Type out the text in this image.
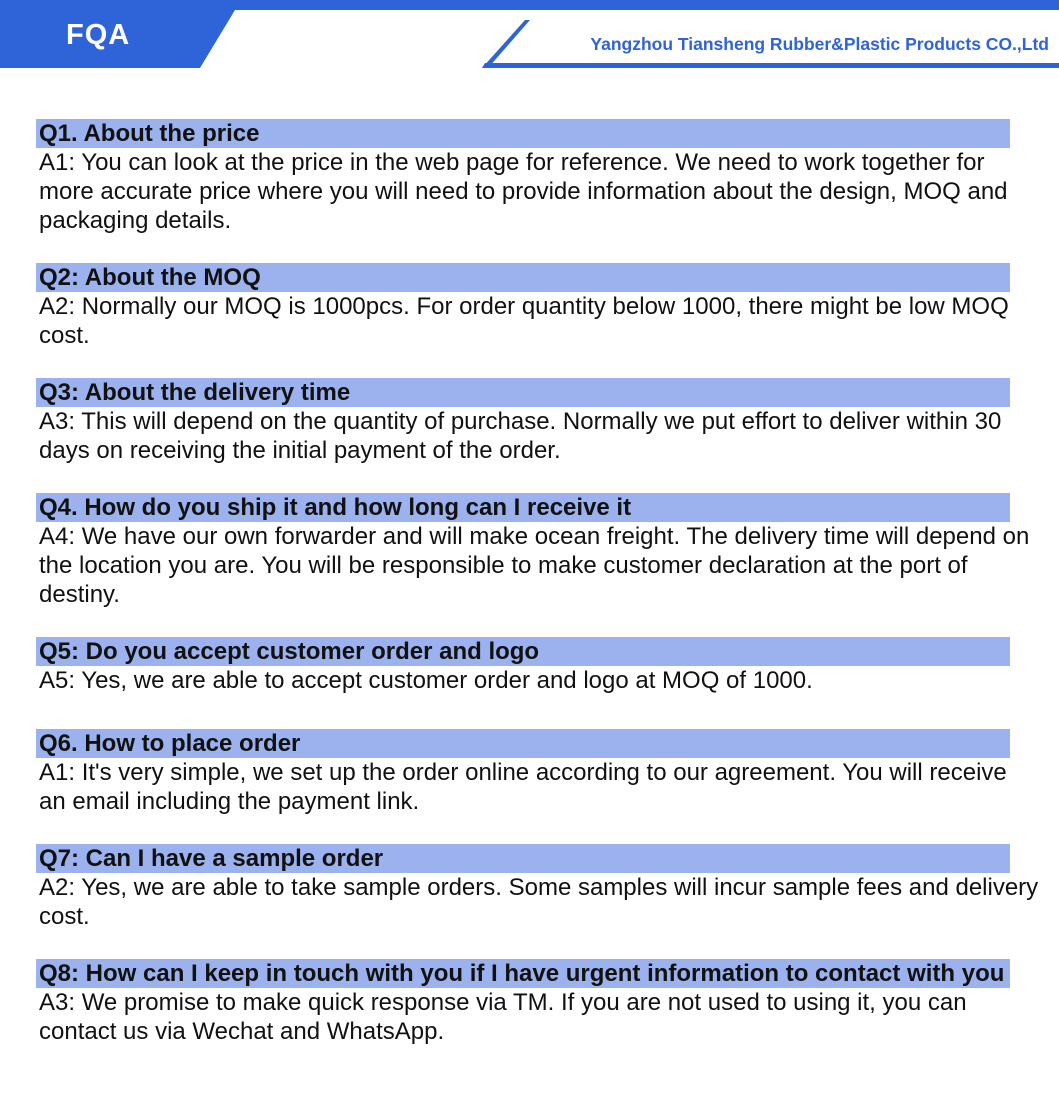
FQA	Yangzhou Tiansheng Rubber&Plastic Products CO.,Ltd
Q1. About the price
A1: You can look at the price in the web page for reference. We need to work together for more accurate price where you will need to provide information about the design, MOQ and packaging details.
Q2: About the MOQ
A2: Normally our MOQ is 1000pcs. For order quantity below 1000, there might be low MOQ cost.
Q3: About the delivery time
A3: This will depend on the quantity of purchase. Normally we put effort to deliver within 30 days on receiving the initial payment of the order.
Q4. How do you ship it and how long can I receive it
A4: We have our own forwarder and will make ocean freight. The delivery time will depend on the location you are. You will be responsible to make customer declaration at the port of destiny.
Q5: Do you accept customer order and logo
A5: Yes, we are able to accept customer order and logo at MOQ of 1000.
Q6. How to place order
A1: It's very simple, we set up the order online according to our agreement. You will receive an email including the payment link.
Q7: Can I have a sample order
A2: Yes, we are able to take sample orders. Some samples will incur sample fees and delivery cost.
Q8: How can I keep in touch with you if I have urgent information to contact with you
A3: We promise to make quick response via TM. If you are not used to using it, you can contact us via Wechat and WhatsApp.
